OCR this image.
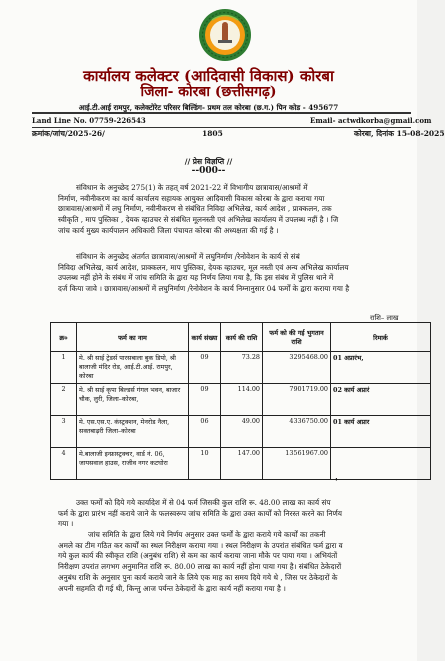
कार्यालय कलेक्टर (आदिवासी विकास) कोरबा
जिला- कोरबा (छत्तीसगढ़)
आई.टी.आई रामपुर, कलेक्टोरेट परिसर बिल्डिंग- प्रथम तल कोरबा (छ.ग.) पिन कोड - 495677
Land Line No. 07759-226543	Email- actwdkorba@gmail.com
क्रमांक/जांच/2025-26/	1805	कोरबा, दिनांक 15-08-2025
// प्रेस विज्ञप्ति //
--000--
संविधान के अनुच्छेद 275(1) के तहत् वर्ष 2021-22 में विभागीय छात्रावास/आश्रमों में
निर्माण, नवीनीकरण का कार्य कार्यालय सहायक आयुक्त आदिवासी विकास कोरबा के द्वारा कराया गया
छात्रावास/आश्रमों में लघु निर्माण, नवीनीकरण से संबंधित निविदा अभिलेख, कार्य आदेश , प्राक्कलन, तक
स्वीकृति , माप पुस्तिका , देयक व्हाउचर से संबंधित मूलनस्ती एवं अभिलेख कार्यालय में उपलब्ध नहीं है । जि
जांच कार्य मुख्य कार्यपालन अधिकारी जिला पंचायत कोरबा की अध्यक्षता की गई है ।
संविधान के अनुच्छेद अंतर्गत छात्रावास/आश्रमों में लघुनिर्माण /रेनोवेशन के कार्य से संबं
निविदा अभिलेख, कार्य आदेश, प्राक्कलन, माप पुस्तिका, देयक व्हाउचर, मूल नस्ती एवं अन्य अभिलेख कार्यालय
उपलब्ध नहीं होने के संबंध में जांच समिति के द्वारा यह निर्णय लिया गया है, कि इस संबंध में पुलिस थाने में
दर्ज किया जावे । छात्रावास/आश्रमों में लघुनिर्माण /रेनोवेशन के कार्य निम्नानुसार 04 फर्मों के द्वारा कराया गया है
राशि– लाख
क्र०	फर्म का नाम	कार्य संख्या	कार्य की राशि	फर्म को की गई भुगतान राशि	रिमार्क
1	मे. श्री साई ट्रेडर्स पारसबाला बुक डिपो, श्री बालाजी मंदिर रोड, आई.टी.आई. रामपुर, कोरबा	09	73.28	3295468.00	01 अप्रारंभ,
2	मे. श्री साई कृपा बिल्डर्स गंगल भवन, बाजार चौक, लुरी, जिला–कोरबा,	09	114.00	7901719.00	02 कार्य अप्रारं
3	मे. एस.एस.ए. कंस्ट्रक्शन, मेनरोड नैला, सक्तबाढ़री जिला–कोरबा	06	49.00	4336750.00	01 कार्य अप्रार
4	मे.बालाजी इन्फ्रास्ट्रक्चर, वार्ड नं. 06, जायसवाल हाउस, राजीव नगर कटघोरा	10	147.00	13561967.00	
'
उक्त फर्मों को दिये गये कार्यादेश में से 04 फर्म जिसकी कुल राशि रू. 48.00 लाख का कार्य संप
फर्म के द्वारा प्रारंभ नहीं कराये जाने के फलस्वरूप जांच समिति के द्वारा उक्त कार्यों को निरस्त करने का निर्णय
गया ।
जांच समिति के द्वारा लिये गये निर्णय अनुसार उक्त फर्मों के द्वारा कराये गये कार्यों का तकनी
अमले का टीम गठित कर कार्यों का स्थल निरीक्षण कराया गया । स्थल निरीक्षण के उपरांत संबंधित फर्म द्वारा व
गये कुल कार्य की स्वीकृत राशि (अनुबंध राशि) से कम का कार्य कराया जाना मौके पर पाया गया । अभियंतों
निरीक्षण उपरांत लगभग अनुमानित राशि रू. 80.00 लाख का कार्य नहीं होना पाया गया है। संबंधित ठेकेदारों
अनुबंध राशि के अनुसार पुनः कार्य कराये जाने के लिये एक माह का समय दिये गये थे , जिस पर ठेकेदारों के
अपनी सहमति दी गई थी, किन्तु आज पर्यन्त ठेकेदारों के द्वारा कार्य नहीं कराया गया है ।
